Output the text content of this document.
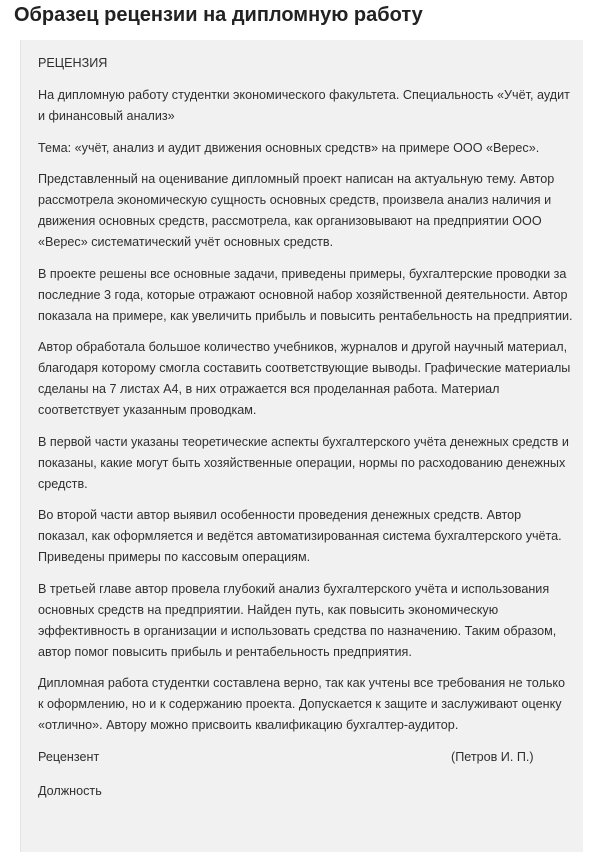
Образец рецензии на дипломную работу

РЕЦЕНЗИЯ

На дипломную работу студентки экономического факультета. Специальность «Учёт, аудит и финансовый анализ»

Тема: «учёт, анализ и аудит движения основных средств» на примере ООО «Верес».

Представленный на оценивание дипломный проект написан на актуальную тему. Автор рассмотрела экономическую сущность основных средств, произвела анализ наличия и движения основных средств, рассмотрела, как организовывают на предприятии ООО «Верес» систематический учёт основных средств.

В проекте решены все основные задачи, приведены примеры, бухгалтерские проводки за последние 3 года, которые отражают основной набор хозяйственной деятельности. Автор показала на примере, как увеличить прибыль и повысить рентабельность на предприятии.

Автор обработала большое количество учебников, журналов и другой научный материал, благодаря которому смогла составить соответствующие выводы. Графические материалы сделаны на 7 листах А4, в них отражается вся проделанная работа. Материал соответствует указанным проводкам.

В первой части указаны теоретические аспекты бухгалтерского учёта денежных средств и показаны, какие могут быть хозяйственные операции, нормы по расходованию денежных средств.

Во второй части автор выявил особенности проведения денежных средств. Автор показал, как оформляется и ведётся автоматизированная система бухгалтерского учёта. Приведены примеры по кассовым операциям.

В третьей главе автор провела глубокий анализ бухгалтерского учёта и использования основных средств на предприятии. Найден путь, как повысить экономическую эффективность в организации и использовать средства по назначению. Таким образом, автор помог повысить прибыль и рентабельность предприятия.

Дипломная работа студентки составлена верно, так как учтены все требования не только к оформлению, но и к содержанию проекта. Допускается к защите и заслуживают оценку «отлично». Автору можно присвоить квалификацию бухгалтер-аудитор.

Рецензент	(Петров И. П.)
Должность
